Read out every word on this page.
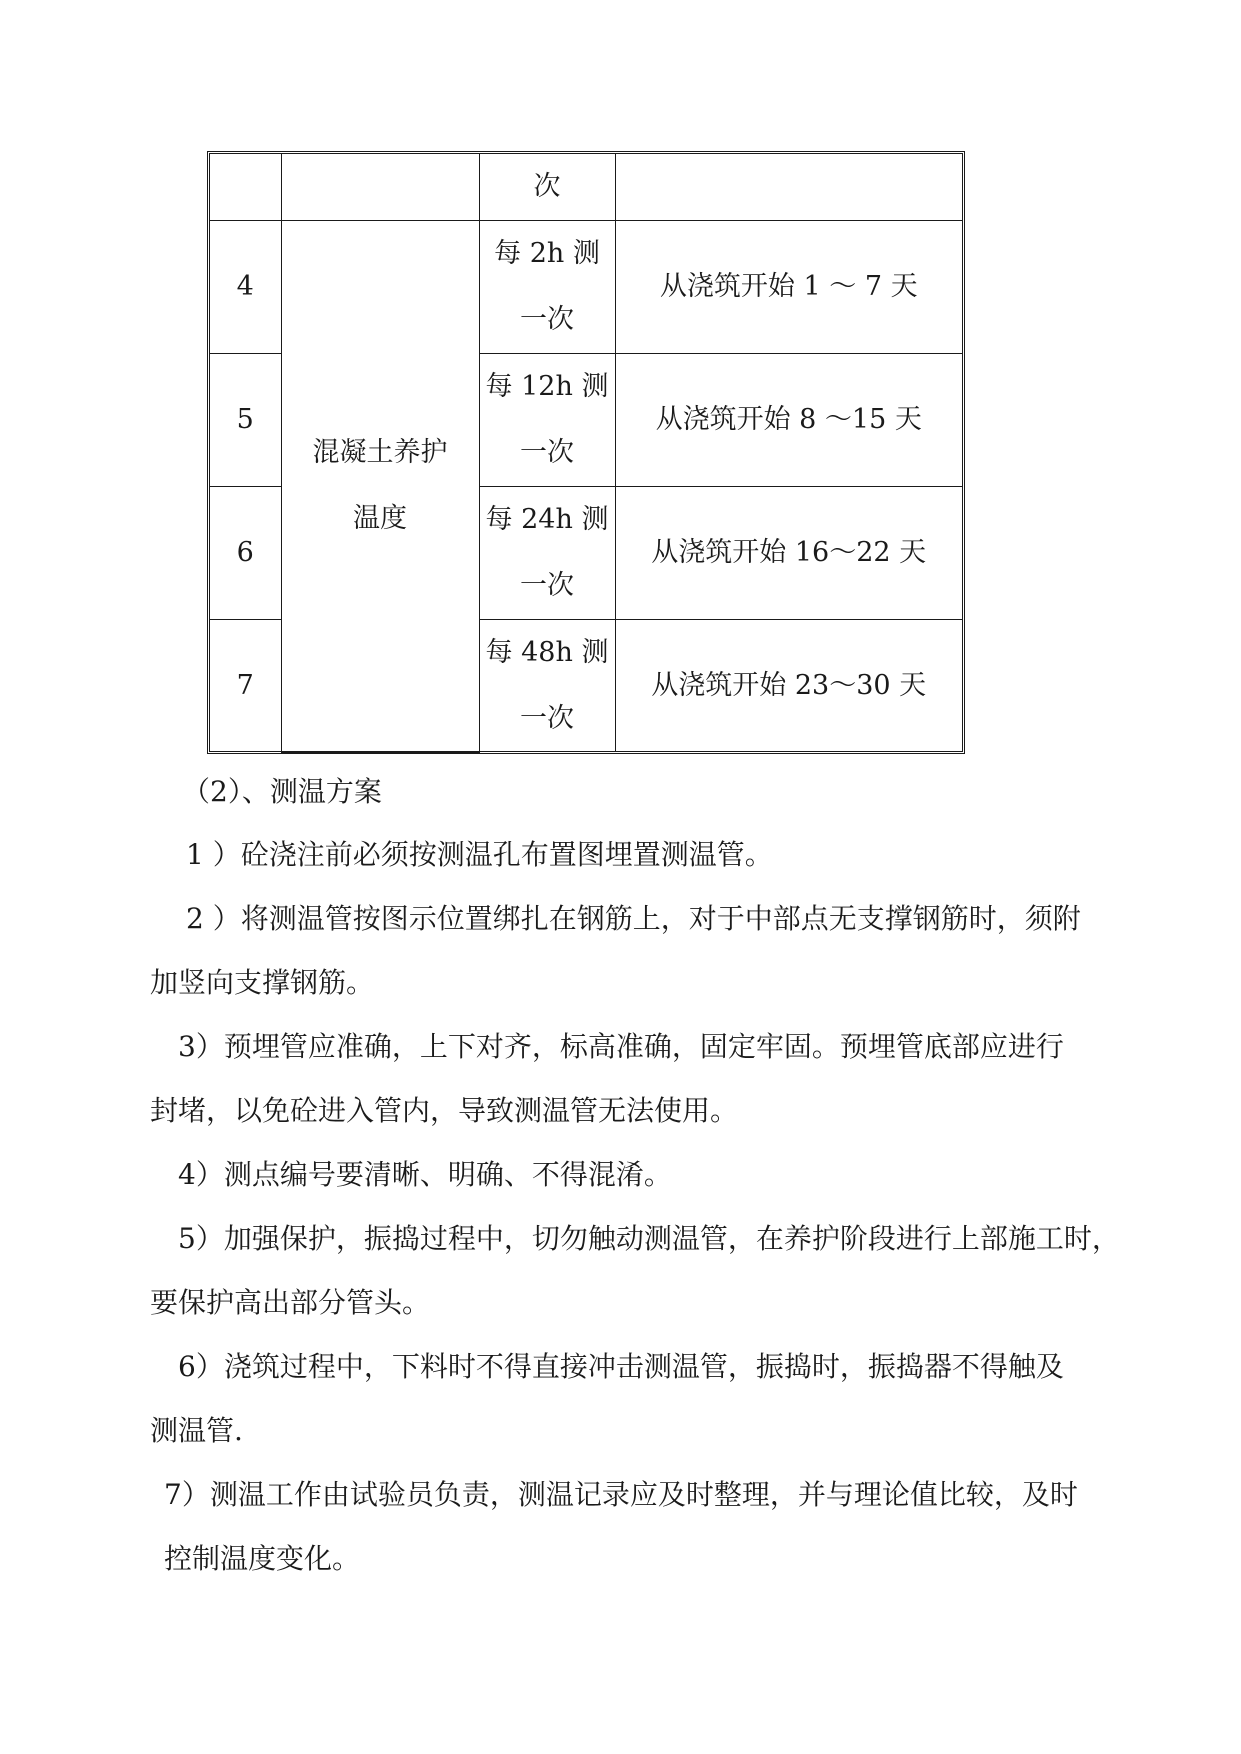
		次	
4	混凝土养护温度	每 2h 测一次	从浇筑开始 1 ～ 7 天
5		每 12h 测一次	从浇筑开始 8 ～15 天
6		每 24h 测一次	从浇筑开始 16～22 天
7		每 48h 测一次	从浇筑开始 23～30 天
（2）、测温方案
1 ）砼浇注前必须按测温孔布置图埋置测温管。
2 ）将测温管按图示位置绑扎在钢筋上，对于中部点无支撑钢筋时，须附
加竖向支撑钢筋。
3）预埋管应准确，上下对齐，标高准确，固定牢固。预埋管底部应进行
封堵，以免砼进入管内，导致测温管无法使用。
4）测点编号要清晰、明确、不得混淆。
5）加强保护，振捣过程中，切勿触动测温管，在养护阶段进行上部施工时，
要保护高出部分管头。
6）浇筑过程中，下料时不得直接冲击测温管，振捣时，振捣器不得触及
测温管.
7）测温工作由试验员负责，测温记录应及时整理，并与理论值比较，及时
控制温度变化。
